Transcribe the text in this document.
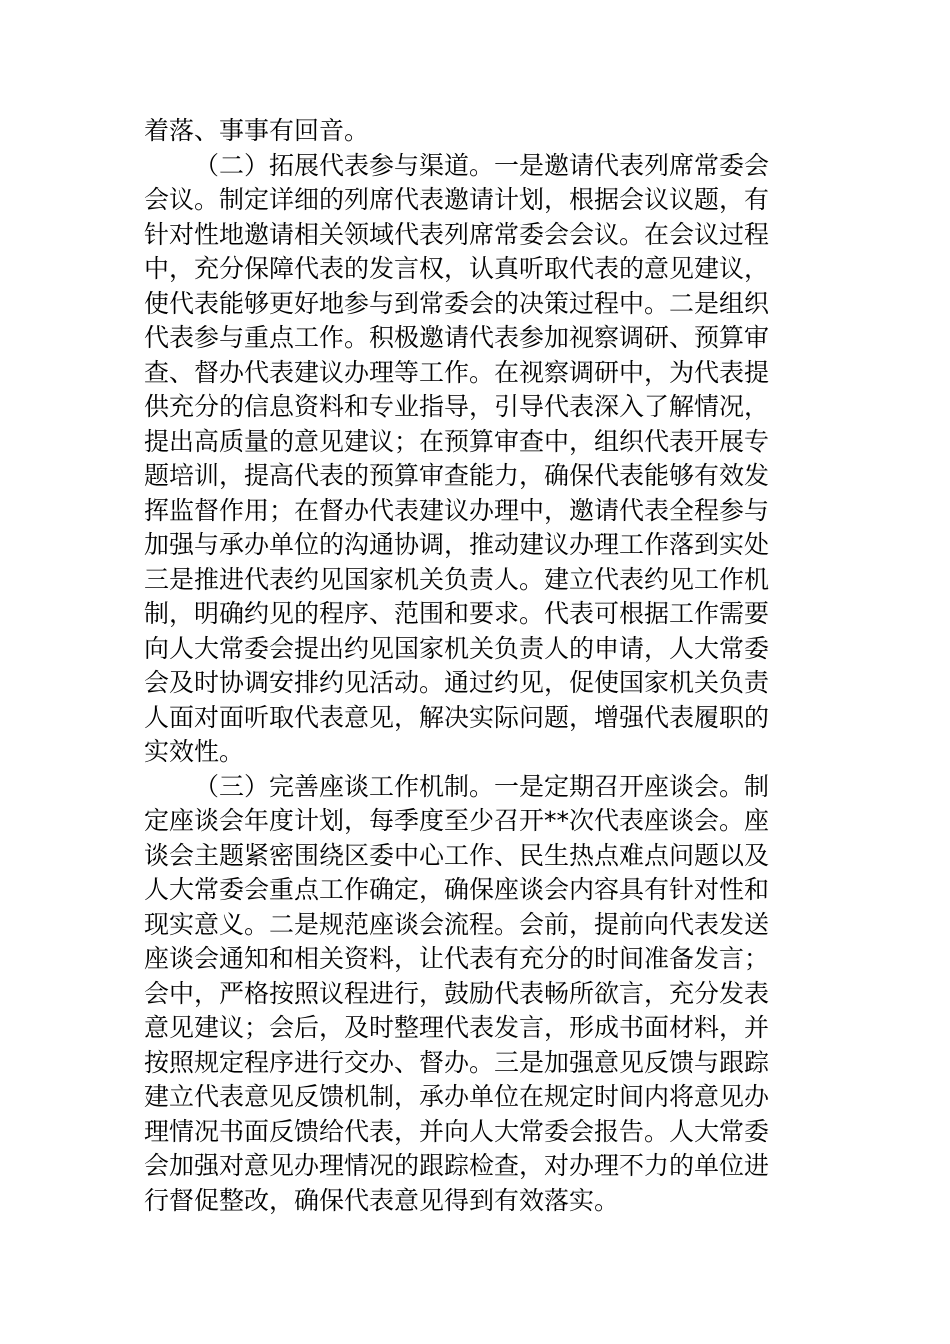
着落、事事有回音。
（二）拓展代表参与渠道。一是邀请代表列席常委会
会议。制定详细的列席代表邀请计划，根据会议议题，有
针对性地邀请相关领域代表列席常委会会议。在会议过程
中，充分保障代表的发言权，认真听取代表的意见建议，
使代表能够更好地参与到常委会的决策过程中。二是组织
代表参与重点工作。积极邀请代表参加视察调研、预算审
查、督办代表建议办理等工作。在视察调研中，为代表提
供充分的信息资料和专业指导，引导代表深入了解情况，
提出高质量的意见建议；在预算审查中，组织代表开展专
题培训，提高代表的预算审查能力，确保代表能够有效发
挥监督作用；在督办代表建议办理中，邀请代表全程参与
加强与承办单位的沟通协调，推动建议办理工作落到实处
三是推进代表约见国家机关负责人。建立代表约见工作机
制，明确约见的程序、范围和要求。代表可根据工作需要
向人大常委会提出约见国家机关负责人的申请，人大常委
会及时协调安排约见活动。通过约见，促使国家机关负责
人面对面听取代表意见，解决实际问题，增强代表履职的
实效性。
（三）完善座谈工作机制。一是定期召开座谈会。制
定座谈会年度计划，每季度至少召开**次代表座谈会。座
谈会主题紧密围绕区委中心工作、民生热点难点问题以及
人大常委会重点工作确定，确保座谈会内容具有针对性和
现实意义。二是规范座谈会流程。会前，提前向代表发送
座谈会通知和相关资料，让代表有充分的时间准备发言；
会中，严格按照议程进行，鼓励代表畅所欲言，充分发表
意见建议；会后，及时整理代表发言，形成书面材料，并
按照规定程序进行交办、督办。三是加强意见反馈与跟踪
建立代表意见反馈机制，承办单位在规定时间内将意见办
理情况书面反馈给代表，并向人大常委会报告。人大常委
会加强对意见办理情况的跟踪检查，对办理不力的单位进
行督促整改，确保代表意见得到有效落实。
